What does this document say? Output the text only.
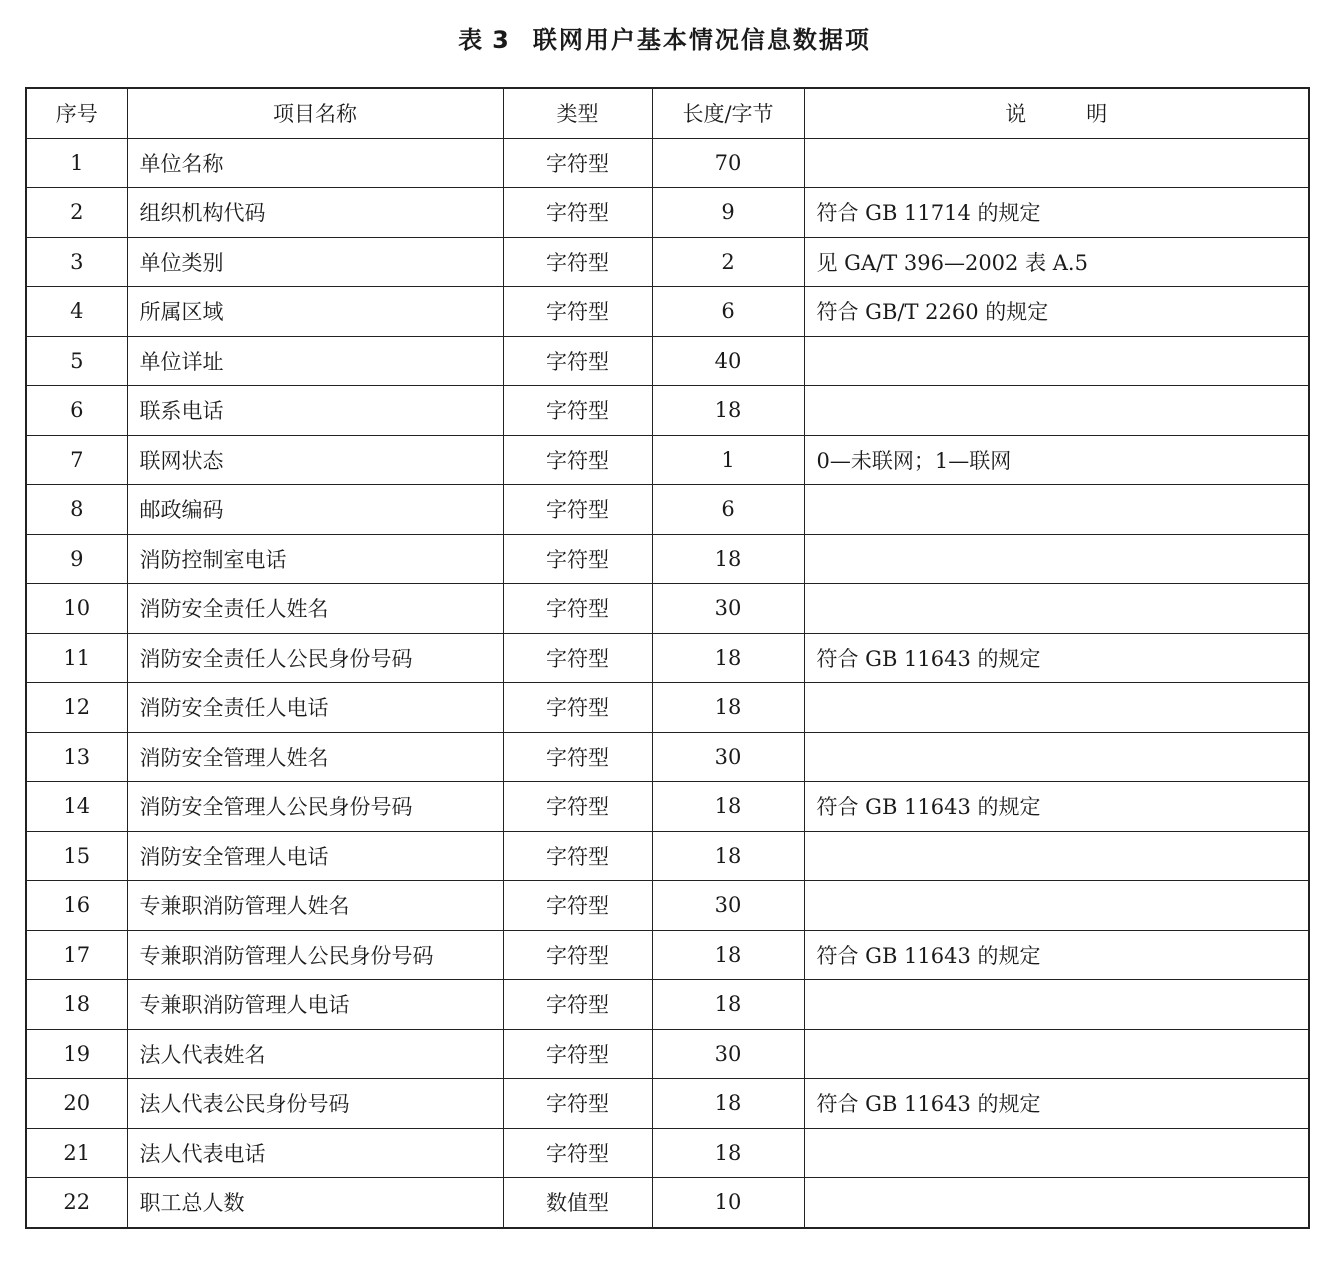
表 3 联网用户基本情况信息数据项
序号	项目名称	类型	长度/字节	说明
1	单位名称	字符型	70	
2	组织机构代码	字符型	9	符合 GB 11714 的规定
3	单位类别	字符型	2	见 GA/T 396—2002 表 A.5
4	所属区域	字符型	6	符合 GB/T 2260 的规定
5	单位详址	字符型	40	
6	联系电话	字符型	18	
7	联网状态	字符型	1	0—未联网；1—联网
8	邮政编码	字符型	6	
9	消防控制室电话	字符型	18	
10	消防安全责任人姓名	字符型	30	
11	消防安全责任人公民身份号码	字符型	18	符合 GB 11643 的规定
12	消防安全责任人电话	字符型	18	
13	消防安全管理人姓名	字符型	30	
14	消防安全管理人公民身份号码	字符型	18	符合 GB 11643 的规定
15	消防安全管理人电话	字符型	18	
16	专兼职消防管理人姓名	字符型	30	
17	专兼职消防管理人公民身份号码	字符型	18	符合 GB 11643 的规定
18	专兼职消防管理人电话	字符型	18	
19	法人代表姓名	字符型	30	
20	法人代表公民身份号码	字符型	18	符合 GB 11643 的规定
21	法人代表电话	字符型	18	
22	职工总人数	数值型	10	
